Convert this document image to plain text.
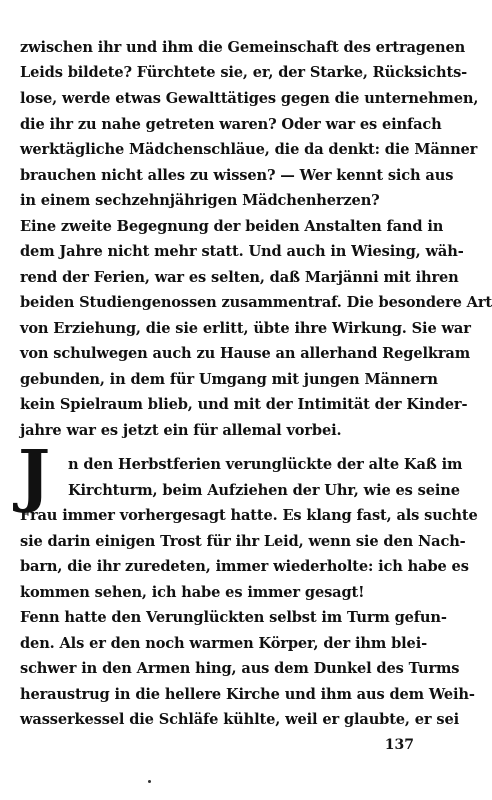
zwischen ihr und ihm die Gemeinschaft des ertragenen
Leids bildete? Fürchtete sie, er, der Starke, Rücksichts-
lose, werde etwas Gewalttätiges gegen die unternehmen,
die ihr zu nahe getreten waren? Oder war es einfach
werktägliche Mädchenschläue, die da denkt: die Männer
brauchen nicht alles zu wissen? — Wer kennt sich aus
in einem sechzehnjährigen Mädchenherzen?
Eine zweite Begegnung der beiden Anstalten fand in
dem Jahre nicht mehr statt. Und auch in Wiesing, wäh-
rend der Ferien, war es selten, daß Marjänni mit ihren
beiden Studiengenossen zusammentraf. Die besondere Art
von Erziehung, die sie erlitt, übte ihre Wirkung. Sie war
von schulwegen auch zu Hause an allerhand Regelkram
gebunden, in dem für Umgang mit jungen Männern
kein Spielraum blieb, und mit der Intimität der Kinder-
jahre war es jetzt ein für allemal vorbei.
J n den Herbstferien verunglückte der alte Kaß im
Kirchturm, beim Aufziehen der Uhr, wie es seine
Frau immer vorhergesagt hatte. Es klang fast, als suchte
sie darin einigen Trost für ihr Leid, wenn sie den Nach-
barn, die ihr zuredeten, immer wiederholte: ich habe es
kommen sehen, ich habe es immer gesagt!
Fenn hatte den Verunglückten selbst im Turm gefun-
den. Als er den noch warmen Körper, der ihm blei-
schwer in den Armen hing, aus dem Dunkel des Turms
heraustrug in die hellere Kirche und ihm aus dem Weih-
wasserkessel die Schläfe kühlte, weil er glaubte, er sei
137
